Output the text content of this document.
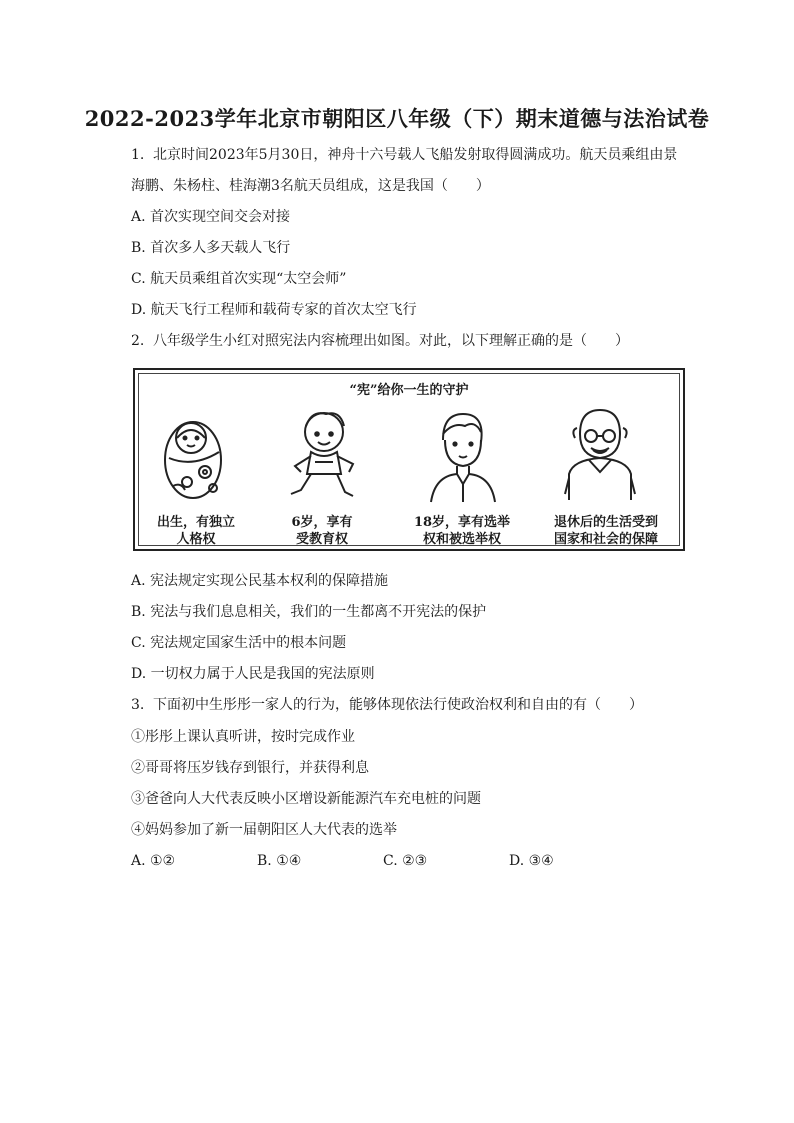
2022-2023学年北京市朝阳区八年级（下）期末道德与法治试卷
1. 北京时间2023年5月30日，神舟十六号载人飞船发射取得圆满成功。航天员乘组由景
海鹏、朱杨柱、桂海潮3名航天员组成，这是我国（　　）
A. 首次实现空间交会对接
B. 首次多人多天载人飞行
C. 航天员乘组首次实现“太空会师”
D. 航天飞行工程师和载荷专家的首次太空飞行
2. 八年级学生小红对照宪法内容梳理出如图。对此，以下理解正确的是（　　）
“宪”给你一生的守护
出生，有独立
人格权
6岁，享有
受教育权
18岁，享有选举
权和被选举权
退休后的生活受到
国家和社会的保障
A. 宪法规定实现公民基本权利的保障措施
B. 宪法与我们息息相关，我们的一生都离不开宪法的保护
C. 宪法规定国家生活中的根本问题
D. 一切权力属于人民是我国的宪法原则
3. 下面初中生彤彤一家人的行为，能够体现依法行使政治权利和自由的有（　　）
①彤彤上课认真听讲，按时完成作业
②哥哥将压岁钱存到银行，并获得利息
③爸爸向人大代表反映小区增设新能源汽车充电桩的问题
④妈妈参加了新一届朝阳区人大代表的选举
A. ①②	B. ①④	C. ②③	D. ③④
